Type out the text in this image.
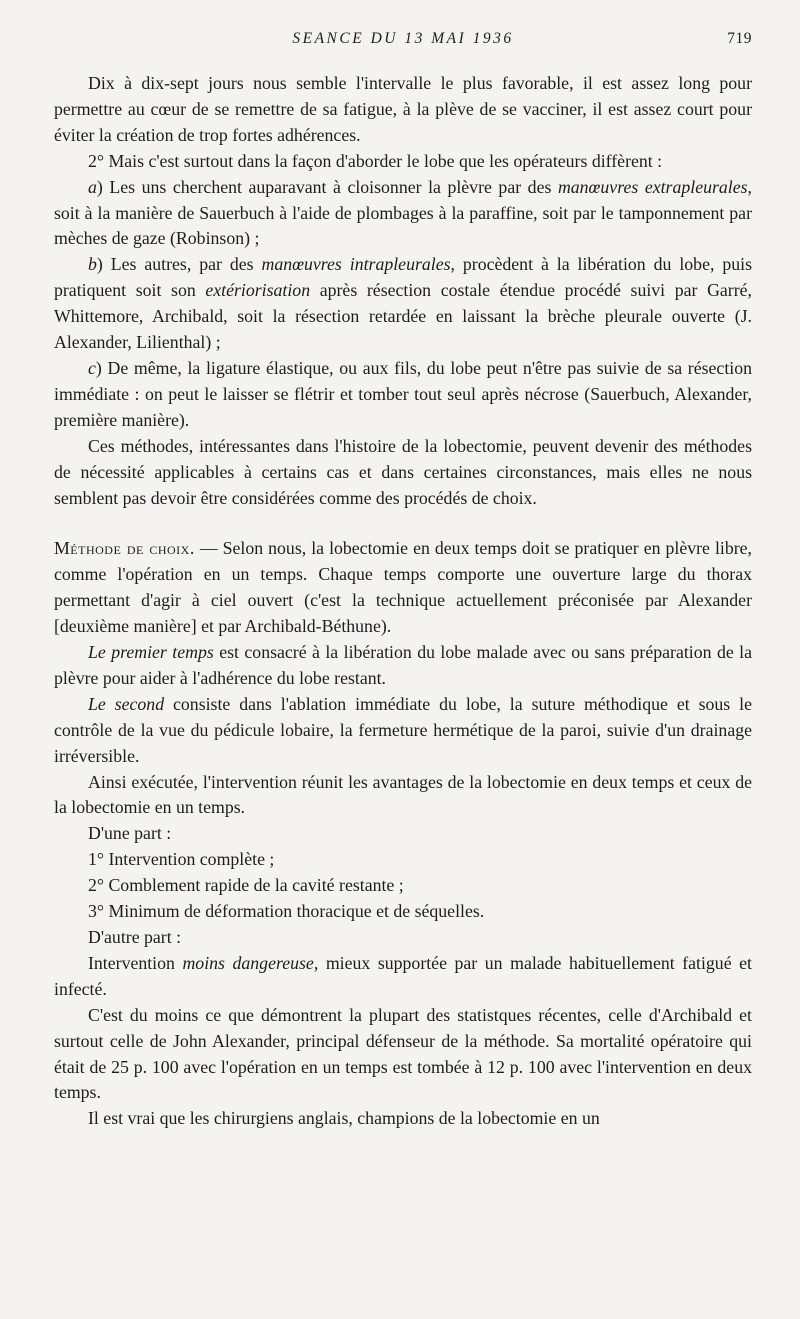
SEANCE DU 13 MAI 1936	719

Dix à dix-sept jours nous semble l'intervalle le plus favorable, il est assez long pour permettre au cœur de se remettre de sa fatigue, à la plève de se vacciner, il est assez court pour éviter la création de trop fortes adhérences.

2° Mais c'est surtout dans la façon d'aborder le lobe que les opérateurs diffèrent :

a) Les uns cherchent auparavant à cloisonner la plèvre par des manœuvres extrapleurales, soit à la manière de Sauerbuch à l'aide de plombages à la paraffine, soit par le tamponnement par mèches de gaze (Robinson) ;

b) Les autres, par des manœuvres intrapleurales, procèdent à la libération du lobe, puis pratiquent soit son extériorisation après résection costale étendue procédé suivi par Garré, Whittemore, Archibald, soit la résection retardée en laissant la brèche pleurale ouverte (J. Alexander, Lilienthal) ;

c) De même, la ligature élastique, ou aux fils, du lobe peut n'être pas suivie de sa résection immédiate : on peut le laisser se flétrir et tomber tout seul après nécrose (Sauerbuch, Alexander, première manière).

Ces méthodes, intéressantes dans l'histoire de la lobectomie, peuvent devenir des méthodes de nécessité applicables à certains cas et dans certaines circonstances, mais elles ne nous semblent pas devoir être considérées comme des procédés de choix.

Méthode de choix. — Selon nous, la lobectomie en deux temps doit se pratiquer en plèvre libre, comme l'opération en un temps. Chaque temps comporte une ouverture large du thorax permettant d'agir à ciel ouvert (c'est la technique actuellement préconisée par Alexander [deuxième manière] et par Archibald-Béthune).

Le premier temps est consacré à la libération du lobe malade avec ou sans préparation de la plèvre pour aider à l'adhérence du lobe restant.

Le second consiste dans l'ablation immédiate du lobe, la suture méthodique et sous le contrôle de la vue du pédicule lobaire, la fermeture hermétique de la paroi, suivie d'un drainage irréversible.

Ainsi exécutée, l'intervention réunit les avantages de la lobectomie en deux temps et ceux de la lobectomie en un temps.

D'une part :

1° Intervention complète ;

2° Comblement rapide de la cavité restante ;

3° Minimum de déformation thoracique et de séquelles.

D'autre part :

Intervention moins dangereuse, mieux supportée par un malade habituellement fatigué et infecté.

C'est du moins ce que démontrent la plupart des statistques récentes, celle d'Archibald et surtout celle de John Alexander, principal défenseur de la méthode. Sa mortalité opératoire qui était de 25 p. 100 avec l'opération en un temps est tombée à 12 p. 100 avec l'intervention en deux temps.

Il est vrai que les chirurgiens anglais, champions de la lobectomie en un
